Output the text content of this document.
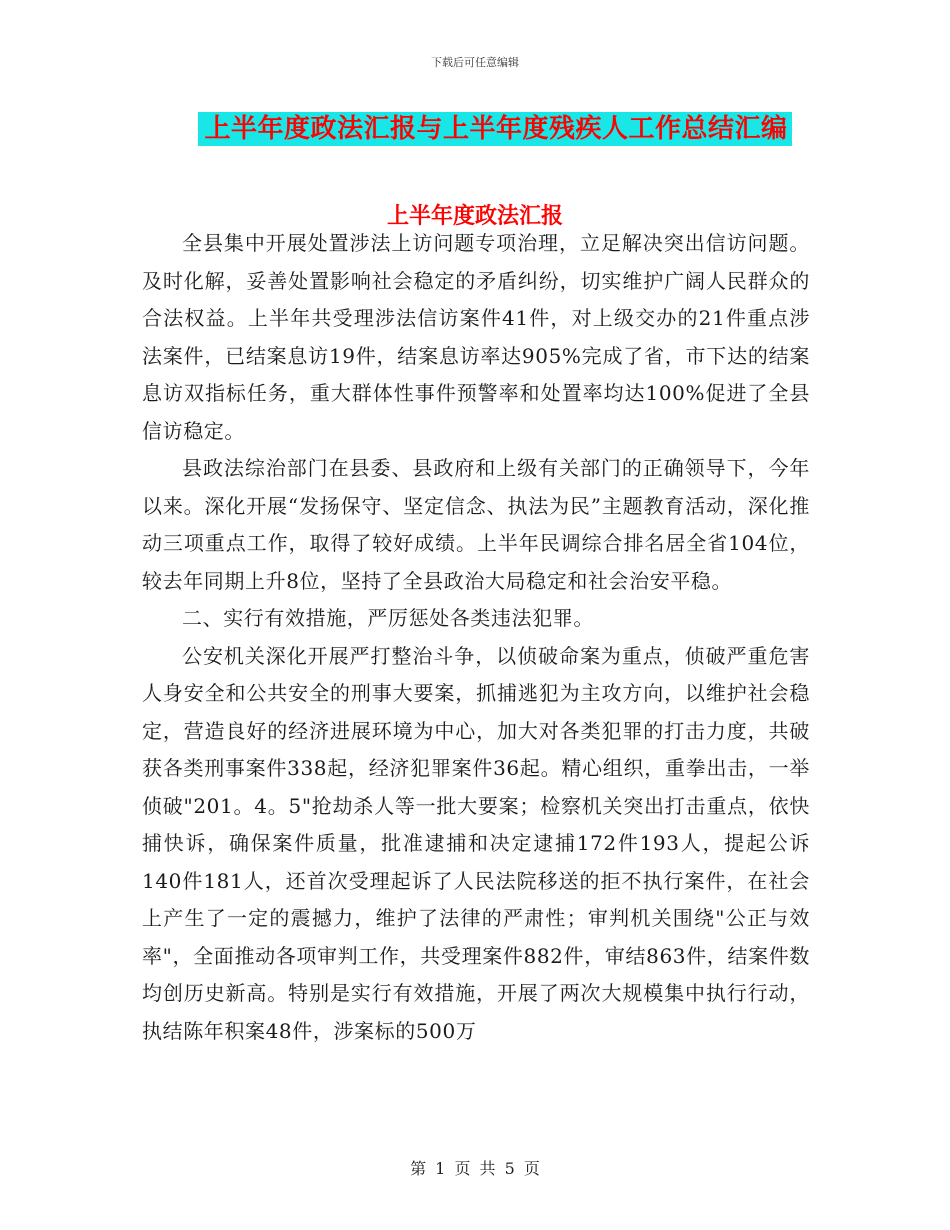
下载后可任意编辑
上半年度政法汇报与上半年度残疾人工作总结汇编
上半年度政法汇报

全县集中开展处置涉法上访问题专项治理，立足解决突出信访问题。及时化解，妥善处置影响社会稳定的矛盾纠纷，切实维护广阔人民群众的合法权益。上半年共受理涉法信访案件41件，对上级交办的21件重点涉法案件，已结案息访19件，结案息访率达905%完成了省，市下达的结案息访双指标任务，重大群体性事件预警率和处置率均达100%促进了全县信访稳定。

县政法综治部门在县委、县政府和上级有关部门的正确领导下，今年以来。深化开展“发扬保守、坚定信念、执法为民”主题教育活动，深化推动三项重点工作，取得了较好成绩。上半年民调综合排名居全省104位，较去年同期上升8位，坚持了全县政治大局稳定和社会治安平稳。

二、实行有效措施，严厉惩处各类违法犯罪。

公安机关深化开展严打整治斗争，以侦破命案为重点，侦破严重危害人身安全和公共安全的刑事大要案，抓捕逃犯为主攻方向，以维护社会稳定，营造良好的经济进展环境为中心，加大对各类犯罪的打击力度，共破获各类刑事案件338起，经济犯罪案件36起。精心组织，重拳出击，一举侦破"201。4。5"抢劫杀人等一批大要案；检察机关突出打击重点，依快捕快诉，确保案件质量，批准逮捕和决定逮捕172件193人，提起公诉140件181人，还首次受理起诉了人民法院移送的拒不执行案件，在社会上产生了一定的震撼力，维护了法律的严肃性；审判机关围绕"公正与效率"，全面推动各项审判工作，共受理案件882件，审结863件，结案件数均创历史新高。特别是实行有效措施，开展了两次大规模集中执行行动，执结陈年积案48件，涉案标的500万

第 1 页 共 5 页
